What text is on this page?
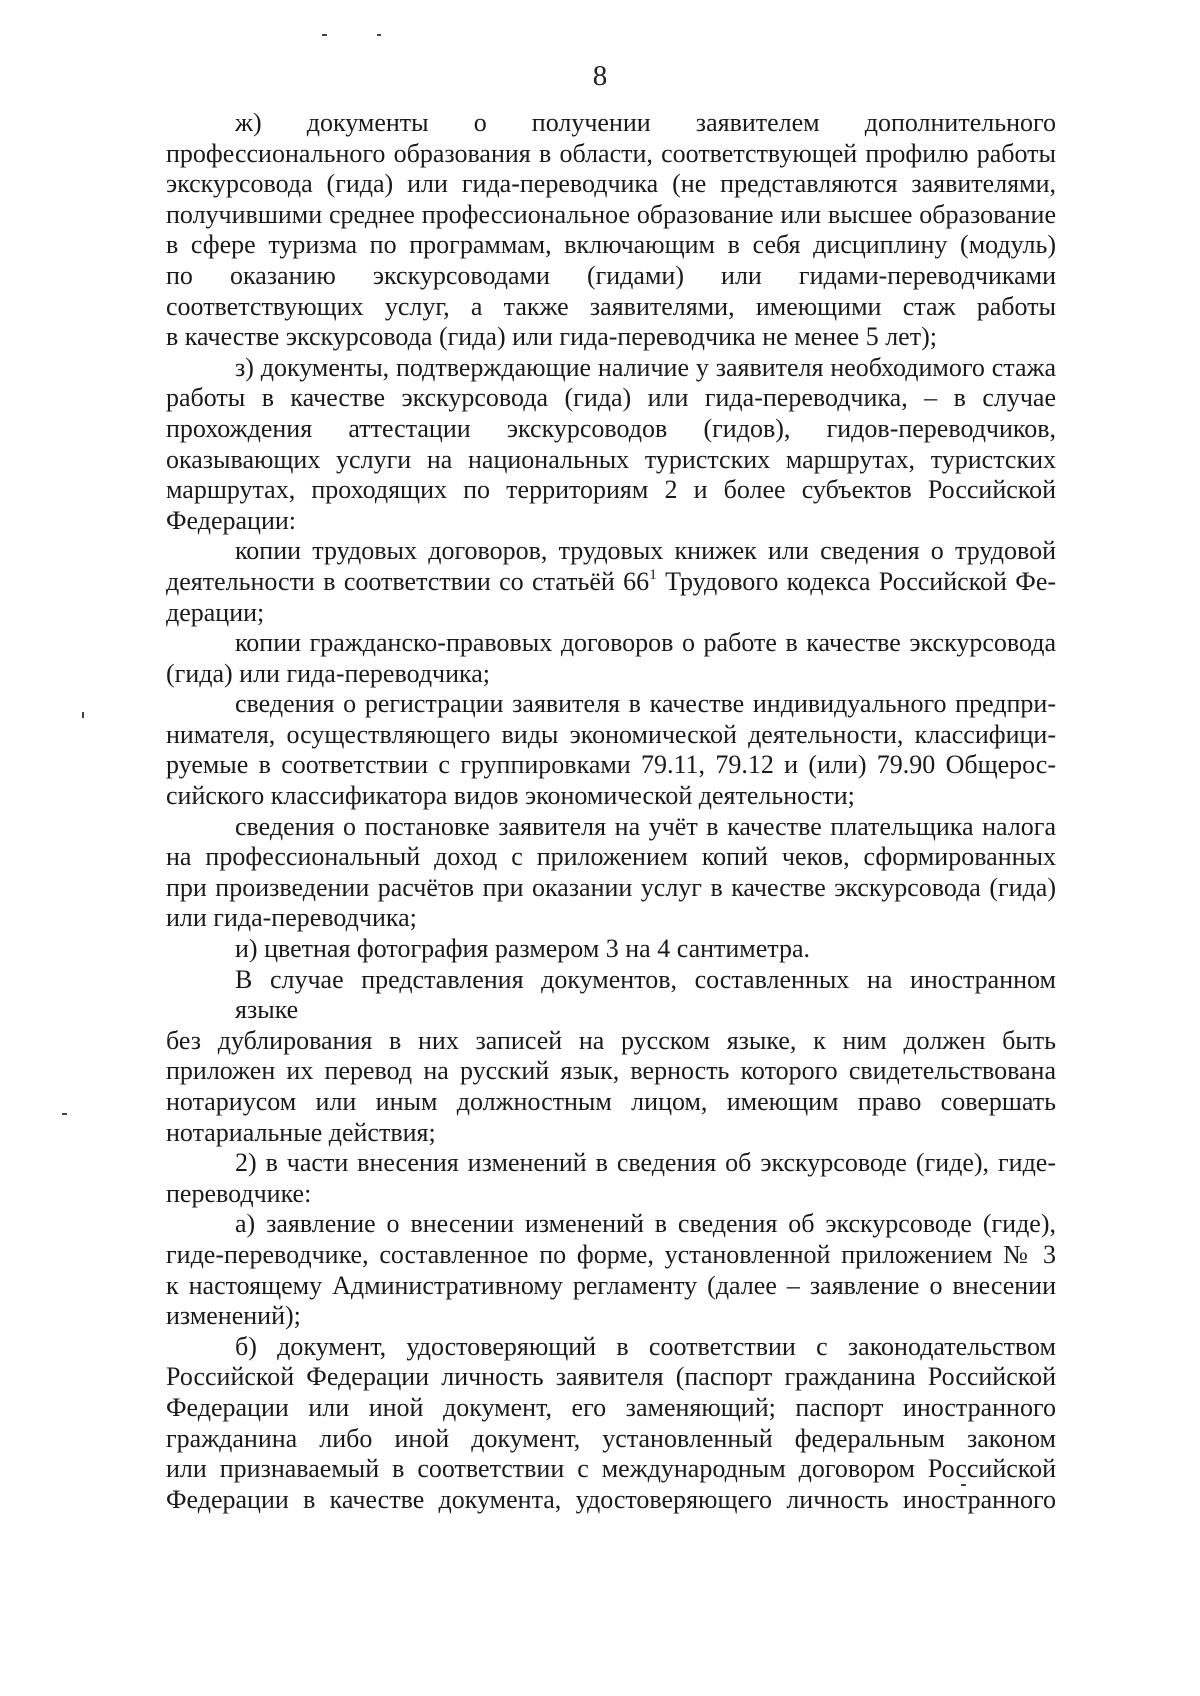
8

ж) документы о получении заявителем дополнительного
профессионального образования в области, соответствующей профилю работы
экскурсовода (гида) или гида-переводчика (не представляются заявителями,
получившими среднее профессиональное образование или высшее образование
в сфере туризма по программам, включающим в себя дисциплину (модуль)
по оказанию экскурсоводами (гидами) или гидами-переводчиками
соответствующих услуг, а также заявителями, имеющими стаж работы
в качестве экскурсовода (гида) или гида-переводчика не менее 5 лет);

з) документы, подтверждающие наличие у заявителя необходимого стажа
работы в качестве экскурсовода (гида) или гида-переводчика, – в случае
прохождения аттестации экскурсоводов (гидов), гидов-переводчиков,
оказывающих услуги на национальных туристских маршрутах, туристских
маршрутах, проходящих по территориям 2 и более субъектов Российской
Федерации:

копии трудовых договоров, трудовых книжек или сведения о трудовой
деятельности в соответствии со статьёй $66^1$ Трудового кодекса Российской Фе-
дерации;

копии гражданско-правовых договоров о работе в качестве экскурсовода
(гида) или гида-переводчика;

сведения о регистрации заявителя в качестве индивидуального предпри-
нимателя, осуществляющего виды экономической деятельности, классифици-
руемые в соответствии с группировками 79.11, 79.12 и (или) 79.90 Общерос-
сийского классификатора видов экономической деятельности;

сведения о постановке заявителя на учёт в качестве плательщика налога
на профессиональный доход с приложением копий чеков, сформированных
при произведении расчётов при оказании услуг в качестве экскурсовода (гида)
или гида-переводчика;

и) цветная фотография размером 3 на 4 сантиметра.

В случае представления документов, составленных на иностранном языке
без дублирования в них записей на русском языке, к ним должен быть
приложен их перевод на русский язык, верность которого свидетельствована
нотариусом или иным должностным лицом, имеющим право совершать
нотариальные действия;

2) в части внесения изменений в сведения об экскурсоводе (гиде), гиде-
переводчике:

а) заявление о внесении изменений в сведения об экскурсоводе (гиде),
гиде-переводчике, составленное по форме, установленной приложением № 3
к настоящему Административному регламенту (далее – заявление о внесении
изменений);

б) документ, удостоверяющий в соответствии с законодательством
Российской Федерации личность заявителя (паспорт гражданина Российской
Федерации или иной документ, его заменяющий; паспорт иностранного
гражданина либо иной документ, установленный федеральным законом
или признаваемый в соответствии с международным договором Российской
Федерации в качестве документа, удостоверяющего личность иностранного
